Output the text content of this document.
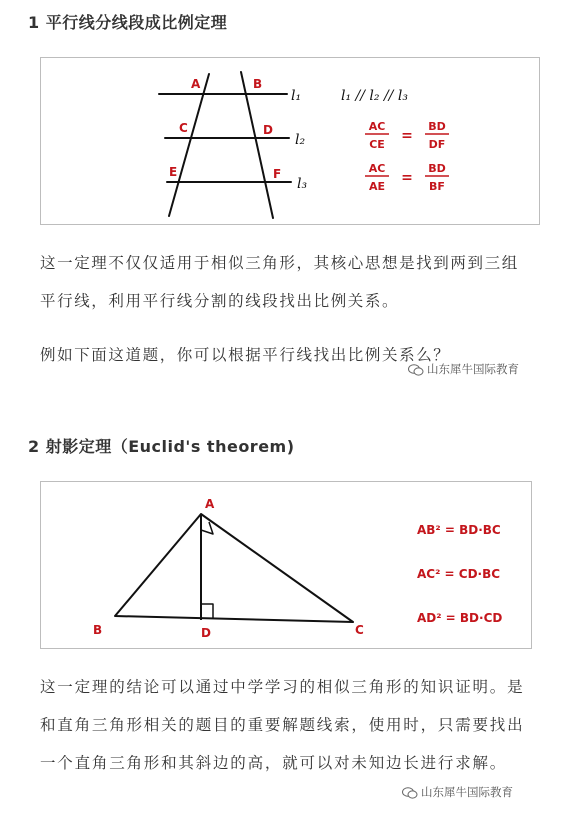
1 平行线分线段成比例定理
A	B
C	D
E	F
l₁
l₂
l₃
l₁ // l₂ // l₃
AC
CE
=
BD
DF
AC
AE
=
BD
BF

这一定理不仅仅适用于相似三角形，其核心思想是找到两到三组平行线，利用平行线分割的线段找出比例关系。

例如下面这道题，你可以根据平行线找出比例关系么？

山东犀牛国际教育
2 射影定理（Euclid's theorem)
A
B	C
D
AB² = BD·BC
AC² = CD·BC
AD² = BD·CD

这一定理的结论可以通过中学学习的相似三角形的知识证明。是和直角三角形相关的题目的重要解题线索，使用时，只需要找出一个直角三角形和其斜边的高，就可以对未知边长进行求解。

山东犀牛国际教育
